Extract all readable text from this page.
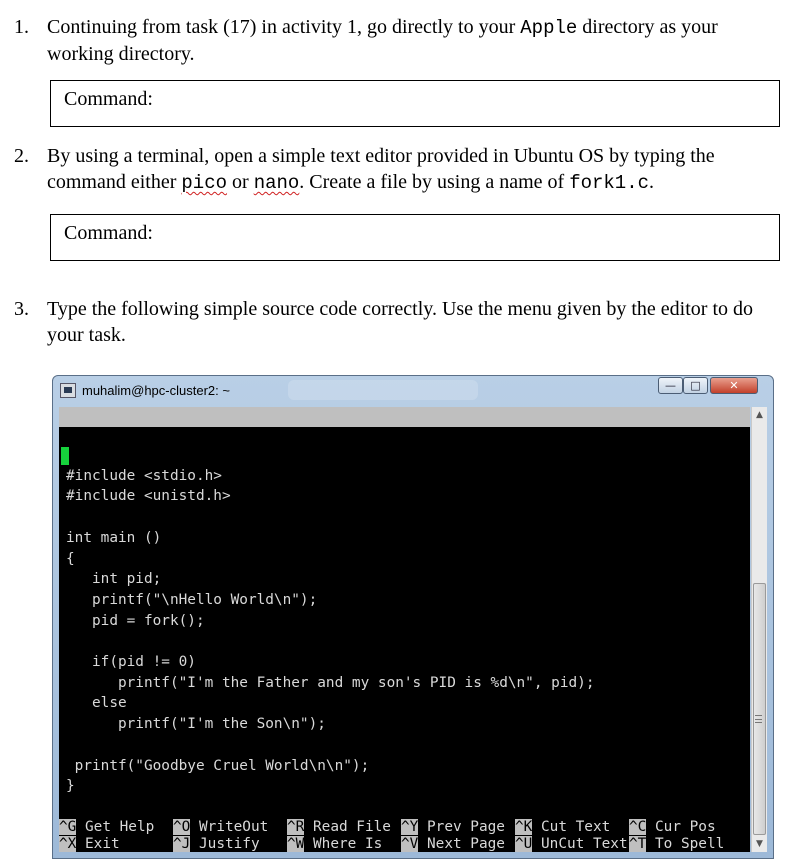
1. Continuing from task (17) in activity 1, go directly to your Apple directory as your working directory.
Command:
2. By using a terminal, open a simple text editor provided in Ubuntu OS by typing the command either pico or nano. Create a file by using a name of fork1.c.
Command:
3. Type the following simple source code correctly. Use the menu given by the editor to do your task.
muhalim@hpc-cluster2: ~	—	□	✕

GNU nano 2.2.4

New Buffer

#include <stdio.h>
#include <unistd.h>
int main ()
{
int pid;
printf("\nHello World\n");
pid = fork();
if(pid != 0)
printf("I'm the Father and my son's PID is %d\n", pid);
else
printf("I'm the Son\n");
printf("Goodbye Cruel World\n\n");
}
^G Get Help ^O WriteOut ^R Read File ^Y Prev Page ^K Cut Text ^C Cur Pos
^X Exit	^J Justify ^W Where Is ^V Next Page ^U UnCut Text ^T To Spell
▲
▼
